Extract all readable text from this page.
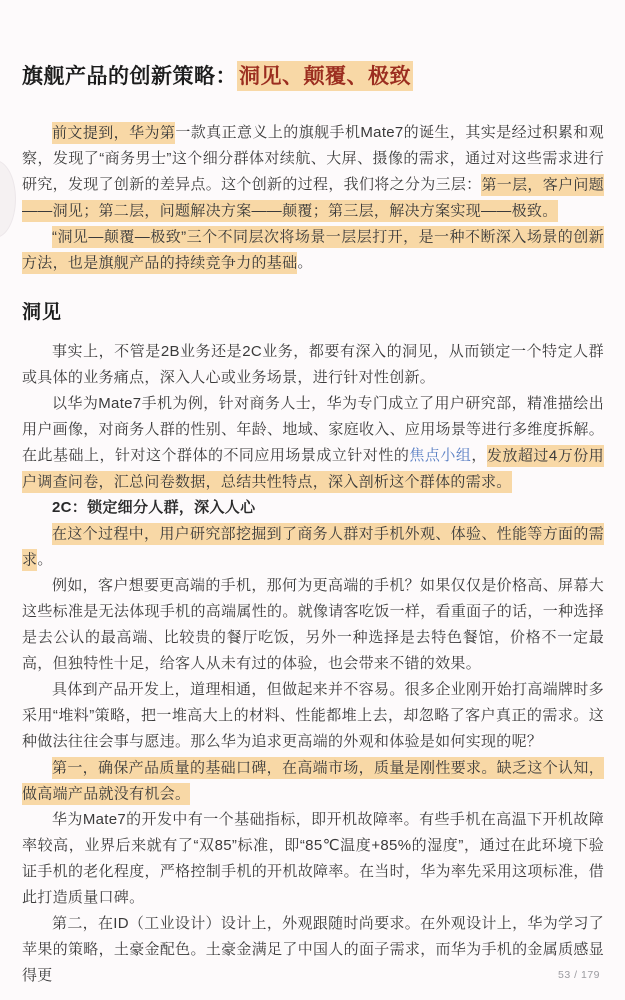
旗舰产品的创新策略：洞见、颠覆、极致

前文提到，华为第一款真正意义上的旗舰手机Mate7的诞生，其实是经过积累和观察，发现了“商务男士”这个细分群体对续航、大屏、摄像的需求，通过对这些需求进行研究，发现了创新的差异点。这个创新的过程，我们将之分为三层：第一层，客户问题——洞见；第二层，问题解决方案——颠覆；第三层，解决方案实现——极致。

“洞见—颠覆—极致”三个不同层次将场景一层层打开，是一种不断深入场景的创新方法，也是旗舰产品的持续竞争力的基础。

洞见

事实上，不管是2B业务还是2C业务，都要有深入的洞见，从而锁定一个特定人群或具体的业务痛点，深入人心或业务场景，进行针对性创新。

以华为Mate7手机为例，针对商务人士，华为专门成立了用户研究部，精准描绘出用户画像，对商务人群的性别、年龄、地域、家庭收入、应用场景等进行多维度拆解。在此基础上，针对这个群体的不同应用场景成立针对性的焦点小组，发放超过4万份用户调查问卷，汇总问卷数据，总结共性特点，深入剖析这个群体的需求。

2C：锁定细分人群，深入人心

在这个过程中，用户研究部挖掘到了商务人群对手机外观、体验、性能等方面的需求。

例如，客户想要更高端的手机，那何为更高端的手机？如果仅仅是价格高、屏幕大这些标准是无法体现手机的高端属性的。就像请客吃饭一样，看重面子的话，一种选择是去公认的最高端、比较贵的餐厅吃饭，另外一种选择是去特色餐馆，价格不一定最高，但独特性十足，给客人从未有过的体验，也会带来不错的效果。

具体到产品开发上，道理相通，但做起来并不容易。很多企业刚开始打高端牌时多采用“堆料”策略，把一堆高大上的材料、性能都堆上去，却忽略了客户真正的需求。这种做法往往会事与愿违。那么华为追求更高端的外观和体验是如何实现的呢？

第一，确保产品质量的基础口碑，在高端市场，质量是刚性要求。缺乏这个认知，做高端产品就没有机会。

华为Mate7的开发中有一个基础指标，即开机故障率。有些手机在高温下开机故障率较高，业界后来就有了“双85”标准，即“85℃温度+85%的湿度”，通过在此环境下验证手机的老化程度，严格控制手机的开机故障率。在当时，华为率先采用这项标准，借此打造质量口碑。

第二，在ID（工业设计）设计上，外观跟随时尚要求。在外观设计上，华为学习了苹果的策略，土豪金配色。土豪金满足了中国人的面子需求，而华为手机的金属质感显得更	53 / 179
